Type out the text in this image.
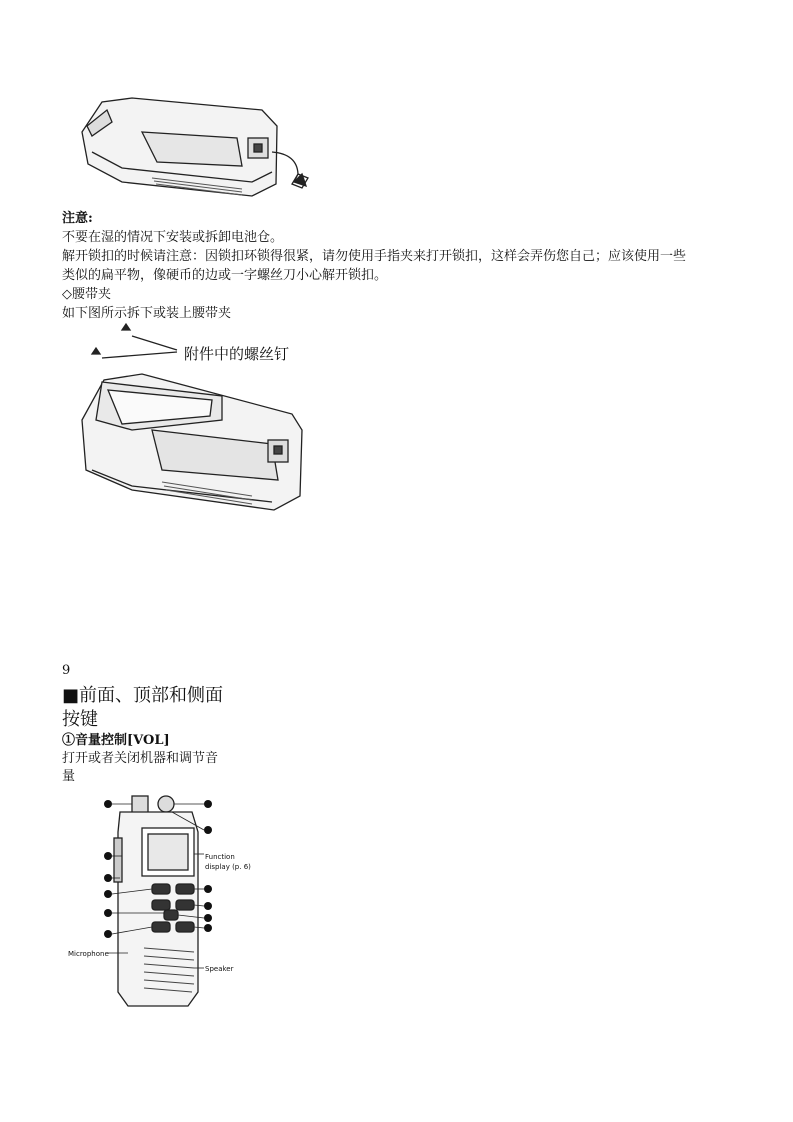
注意:
不要在湿的情况下安装或拆卸电池仓。
解开锁扣的时候请注意：因锁扣环锁得很紧，请勿使用手指夹来打开锁扣，这样会弄伤您自己；应该使用一些
类似的扁平物，像硬币的边或一字螺丝刀小心解开锁扣。
◇腰带夹
如下图所示拆下或装上腰带夹
附件中的螺丝钉
9
■前面、顶部和侧面
按键
①音量控制[VOL]
打开或者关闭机器和调节音
量
Function
display (p. 6)
Microphone
Speaker
